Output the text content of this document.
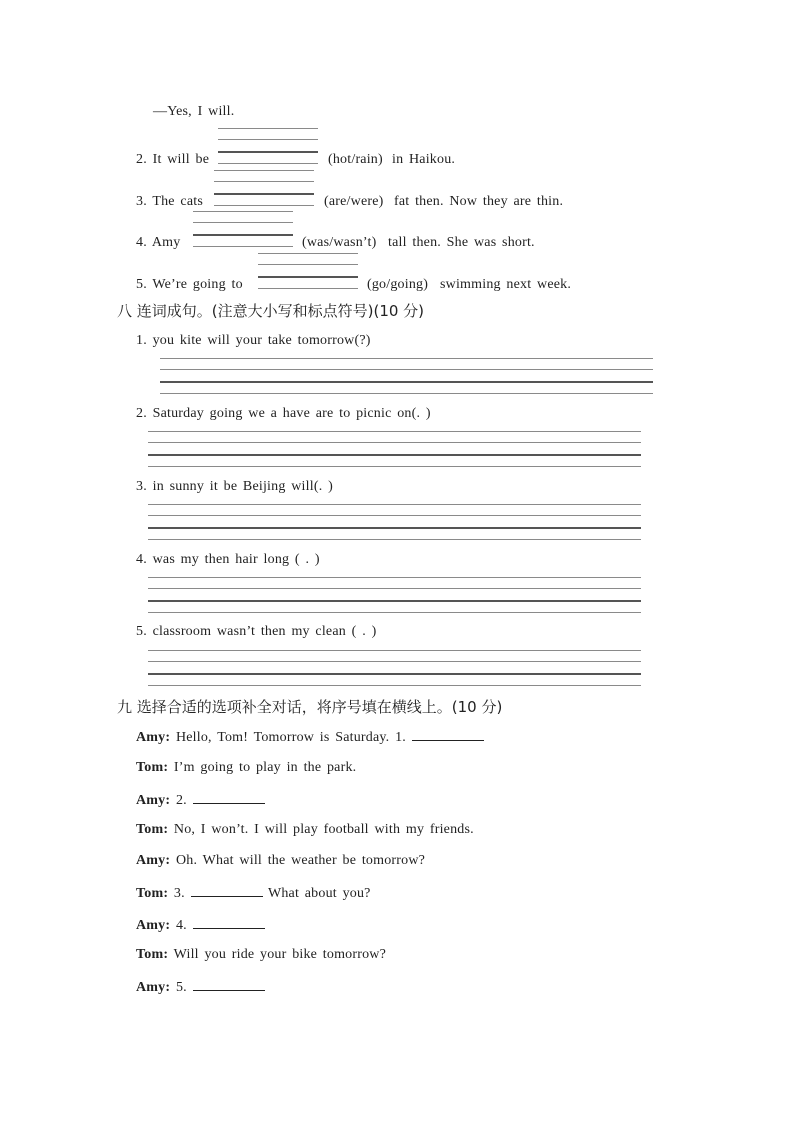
—Yes, I will.
2. It will be	(hot/rain) in Haikou.
3. The cats	(are/were) fat then. Now they are thin.
4. Amy	(was/wasn’t) tall then. She was short.
5. We’re going to	(go/going) swimming next week.
八 连词成句。(注意大小写和标点符号)(10 分)
1. you kite will your take tomorrow(?)
2. Saturday going we a have are to picnic on(. )
3. in sunny it be Beijing will(. )
4. was my then hair long ( . )
5. classroom wasn’t then my clean ( . )
九 选择合适的选项补全对话，将序号填在横线上。(10 分)
Amy: Hello, Tom! Tomorrow is Saturday. 1.
Tom: I’m going to play in the park.
Amy: 2.
Tom: No, I won’t. I will play football with my friends.
Amy: Oh. What will the weather be tomorrow?
Tom: 3.	What about you?
Amy: 4.
Tom: Will you ride your bike tomorrow?
Amy: 5.
